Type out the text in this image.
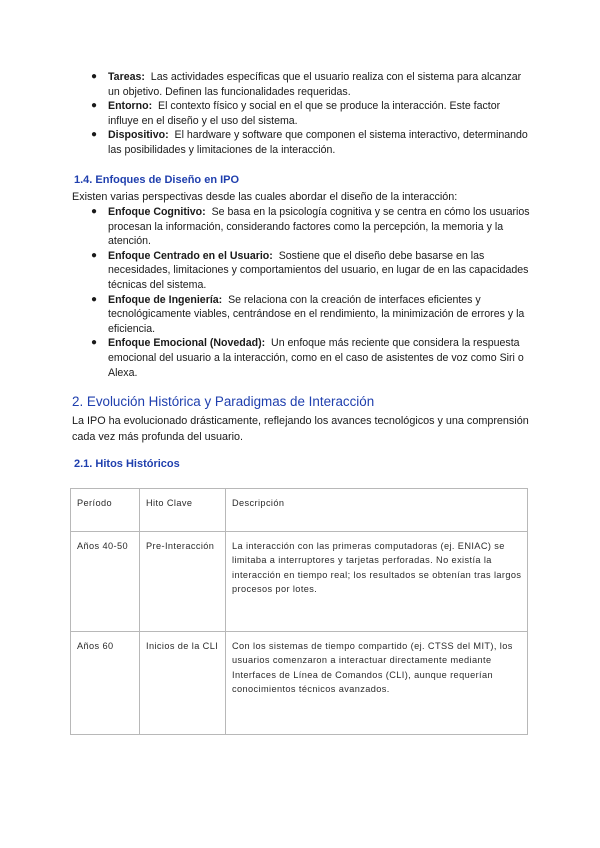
● Tareas: Las actividades específicas que el usuario realiza con el sistema para alcanzar un objetivo. Definen las funcionalidades requeridas.
● Entorno: El contexto físico y social en el que se produce la interacción. Este factor influye en el diseño y el uso del sistema.
● Dispositivo: El hardware y software que componen el sistema interactivo, determinando las posibilidades y limitaciones de la interacción.
1.4. Enfoques de Diseño en IPO
Existen varias perspectivas desde las cuales abordar el diseño de la interacción:
● Enfoque Cognitivo: Se basa en la psicología cognitiva y se centra en cómo los usuarios procesan la información, considerando factores como la percepción, la memoria y la atención.
● Enfoque Centrado en el Usuario: Sostiene que el diseño debe basarse en las necesidades, limitaciones y comportamientos del usuario, en lugar de en las capacidades técnicas del sistema.
● Enfoque de Ingeniería: Se relaciona con la creación de interfaces eficientes y tecnológicamente viables, centrándose en el rendimiento, la minimización de errores y la eficiencia.
● Enfoque Emocional (Novedad): Un enfoque más reciente que considera la respuesta emocional del usuario a la interacción, como en el caso de asistentes de voz como Siri o Alexa.
2. Evolución Histórica y Paradigmas de Interacción
La IPO ha evolucionado drásticamente, reflejando los avances tecnológicos y una comprensión cada vez más profunda del usuario.
2.1. Hitos Históricos
Período	Hito Clave	Descripción
Años 40-50	Pre-Interacción	La interacción con las primeras computadoras (ej. ENIAC) se limitaba a interruptores y tarjetas perforadas. No existía la interacción en tiempo real; los resultados se obtenían tras largos procesos por lotes.
Años 60	Inicios de la CLI	Con los sistemas de tiempo compartido (ej. CTSS del MIT), los usuarios comenzaron a interactuar directamente mediante Interfaces de Línea de Comandos (CLI), aunque requerían conocimientos técnicos avanzados.
